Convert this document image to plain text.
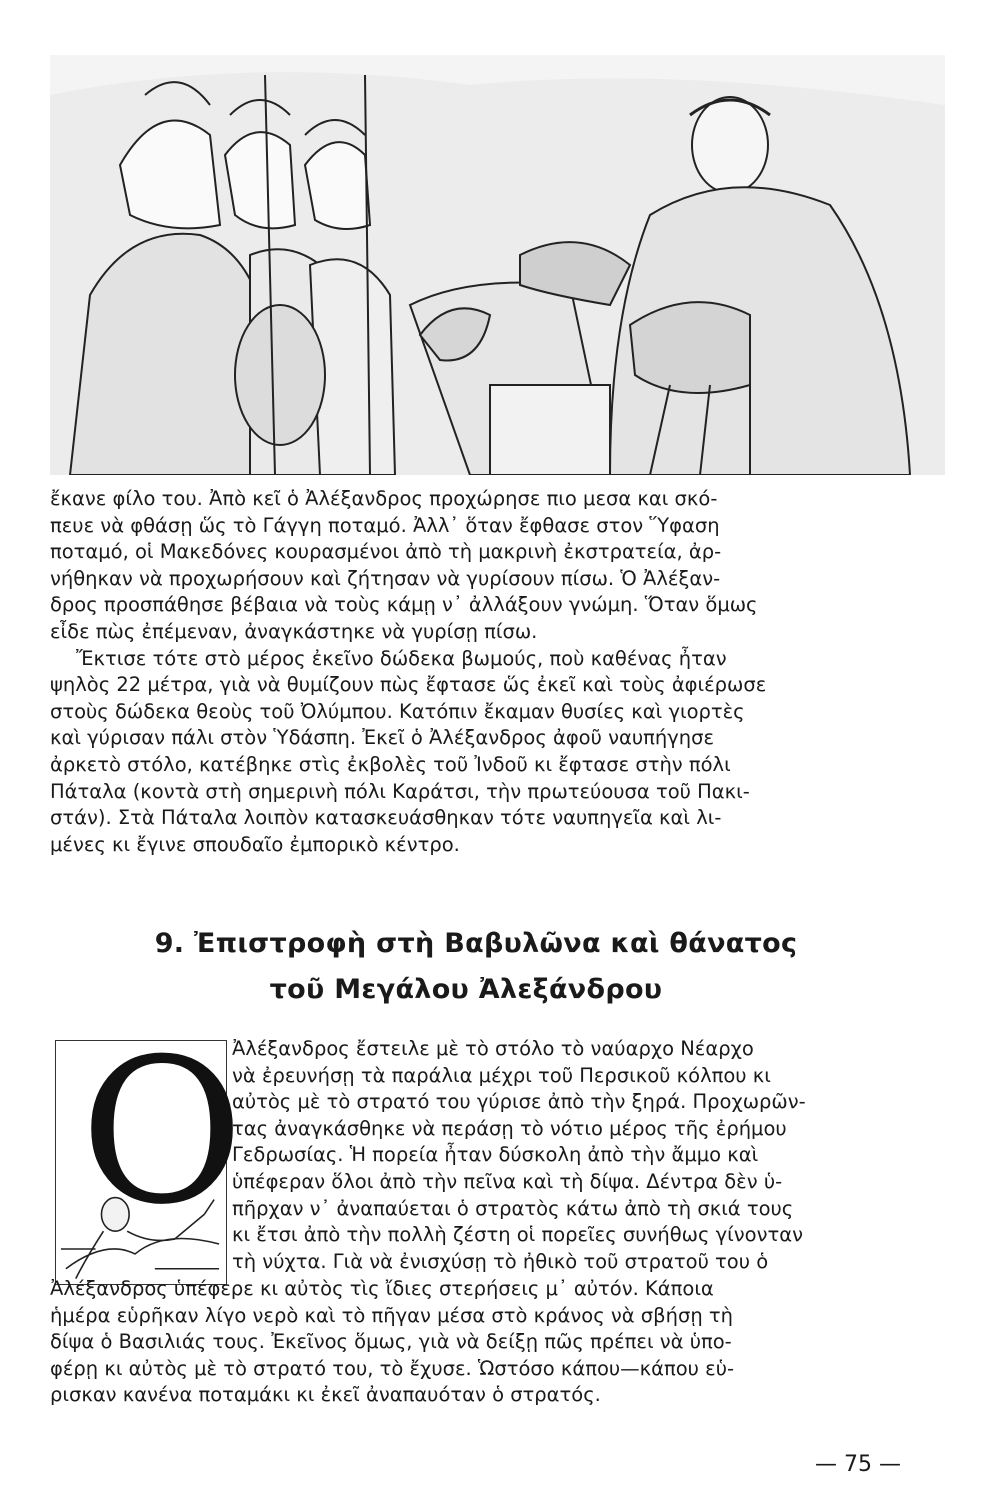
ἔκανε φίλο του. Ἀπὸ κεῖ ὁ Ἀλέξανδρος προχώρησε πιο μεσα και σκό-
πευε νὰ φθάσῃ ὥς τὸ Γάγγη ποταμό. Ἀλλ᾽ ὅταν ἔφθασε στον Ὕφαση
ποταμό, οἱ Μακεδόνες κουρασμένοι ἀπὸ τὴ μακρινὴ ἐκστρατεία, ἀρ-
νήθηκαν νὰ προχωρήσουν καὶ ζήτησαν νὰ γυρίσουν πίσω. Ὁ Ἀλέξαν-
δρος προσπάθησε βέβαια νὰ τοὺς κάμῃ ν᾽ ἀλλάξουν γνώμη. Ὅταν ὅμως
εἶδε πὼς ἐπέμεναν, ἀναγκάστηκε νὰ γυρίσῃ πίσω.

Ἔκτισε τότε στὸ μέρος ἐκεῖνο δώδεκα βωμούς, ποὺ καθένας ἦταν
ψηλὸς 22 μέτρα, γιὰ νὰ θυμίζουν πὼς ἔφτασε ὥς ἐκεῖ καὶ τοὺς ἀφιέρωσε
στοὺς δώδεκα θεοὺς τοῦ Ὀλύμπου. Κατόπιν ἔκαμαν θυσίες καὶ γιορτὲς
καὶ γύρισαν πάλι στὸν Ὑδάσπη. Ἐκεῖ ὁ Ἀλέξανδρος ἀφοῦ ναυπήγησε
ἀρκετὸ στόλο, κατέβηκε στὶς ἐκβολὲς τοῦ Ἰνδοῦ κι ἔφτασε στὴν πόλι
Πάταλα (κοντὰ στὴ σημερινὴ πόλι Καράτσι, τὴν πρωτεύουσα τοῦ Πακι-
στάν). Στὰ Πάταλα λοιπὸν κατασκευάσθηκαν τότε ναυπηγεῖα καὶ λι-
μένες κι ἔγινε σπουδαῖο ἐμπορικὸ κέντρο.

9. Ἐπιστροφὴ στὴ Βαβυλῶνα καὶ θάνατος
τοῦ Μεγάλου Ἀλεξάνδρου
Ο

Ἀλέξανδρος ἔστειλε μὲ τὸ στόλο τὸ ναύαρχο Νέαρχο
νὰ ἐρευνήσῃ τὰ παράλια μέχρι τοῦ Περσικοῦ κόλπου κι
αὐτὸς μὲ τὸ στρατό του γύρισε ἀπὸ τὴν ξηρά. Προχωρῶν-
τας ἀναγκάσθηκε νὰ περάσῃ τὸ νότιο μέρος τῆς ἐρήμου
Γεδρωσίας. Ἡ πορεία ἦταν δύσκολη ἀπὸ τὴν ἄμμο καὶ
ὑπέφεραν ὅλοι ἀπὸ τὴν πεῖνα καὶ τὴ δίψα. Δέντρα δὲν ὑ-
πῆρχαν ν᾽ ἀναπαύεται ὁ στρατὸς κάτω ἀπὸ τὴ σκιά τους
κι ἔτσι ἀπὸ τὴν πολλὴ ζέστη οἱ πορεῖες συνήθως γίνονταν
τὴ νύχτα. Γιὰ νὰ ἐνισχύσῃ τὸ ἠθικὸ τοῦ στρατοῦ του ὁ

Ἀλέξανδρος ὑπέφερε κι αὐτὸς τὶς ἴδιες στερήσεις μ᾽ αὐτόν. Κάποια
ἡμέρα εὑρῆκαν λίγο νερὸ καὶ τὸ πῆγαν μέσα στὸ κράνος νὰ σβήσῃ τὴ
δίψα ὁ Βασιλιάς τους. Ἐκεῖνος ὅμως, γιὰ νὰ δείξῃ πῶς πρέπει νὰ ὑπο-
φέρῃ κι αὐτὸς μὲ τὸ στρατό του, τὸ ἔχυσε. Ὡστόσο κάπου—κάπου εὑ-
ρισκαν κανένα ποταμάκι κι ἐκεῖ ἀναπαυόταν ὁ στρατός.

— 75 —
